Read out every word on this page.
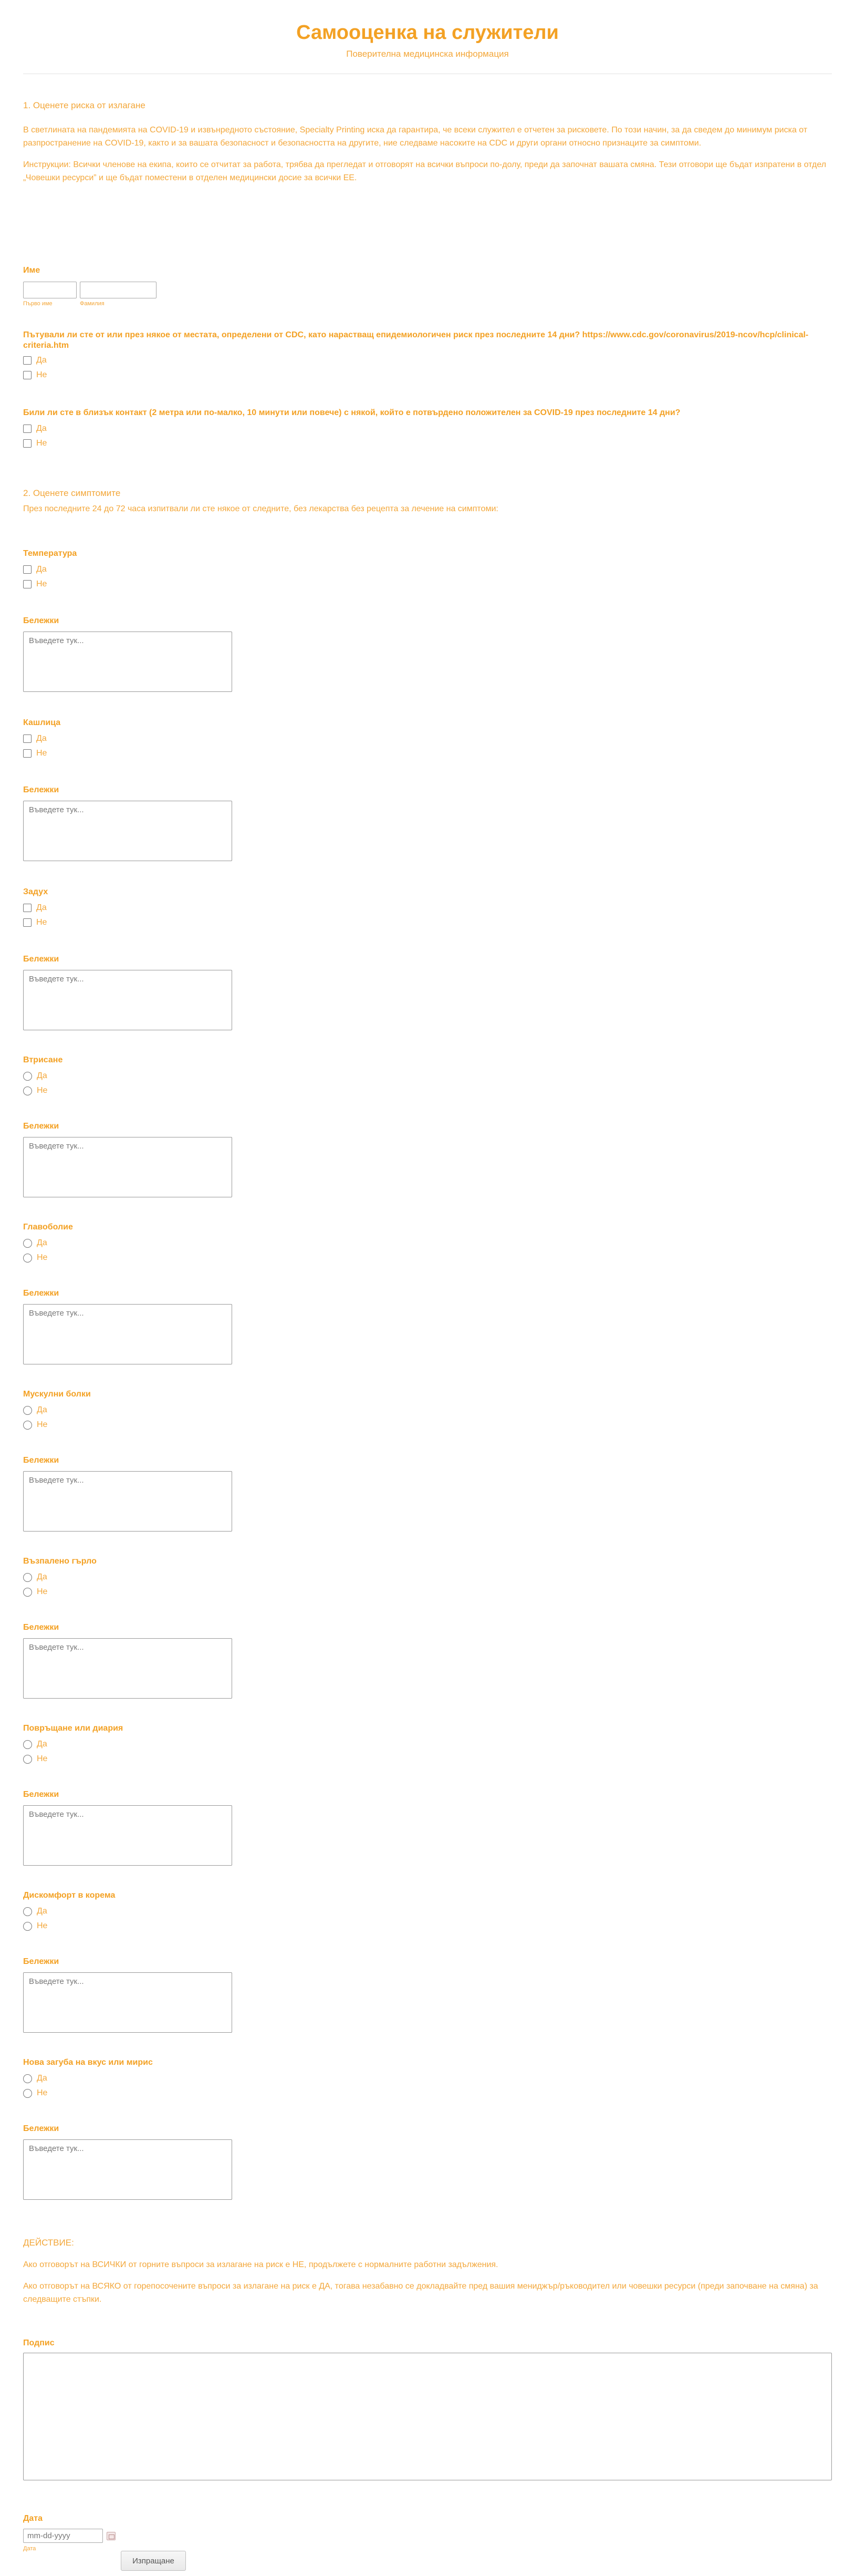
Самооценка на служители
Поверителна медицинска информация
1. Оценете риска от излагане
В светлината на пандемията на COVID-19 и извънредното състояние, Specialty Printing иска да гарантира, че всеки служител е отчетен за рисковете. По този начин, за да сведем до минимум риска от разпространение на COVID-19, както и за вашата безопасност и безопасността на другите, ние следваме насоките на CDC и други органи относно признаците за симптоми.
Инструкции: Всички членове на екипа, които се отчитат за работа, трябва да прегледат и отговорят на всички въпроси по-долу, преди да започнат вашата смяна. Тези отговори ще бъдат изпратени в отдел „Човешки ресурси” и ще бъдат поместени в отделен медицински досие за всички ЕЕ.
Име
Първо име	Фамилия
Пътували ли сте от или през някое от местата, определени от CDC, като нарастващ епидемиологичен риск през последните 14 дни? https://www.cdc.gov/coronavirus/2019-ncov/hcp/clinical-criteria.htm
Да
Не
Били ли сте в близък контакт (2 метра или по-малко, 10 минути или повече) с някой, който е потвърдено положителен за COVID-19 през последните 14 дни?
Да
Не
2. Оценете симптомите
През последните 24 до 72 часа изпитвали ли сте някое от следните, без лекарства без рецепта за лечение на симптоми:
Температура
Да
Не
Бележки
Въведете тук...
Кашлица
Да
Не
Бележки
Въведете тук...
Задух
Да
Не
Бележки
Въведете тук...
Втрисане
Да
Не
Бележки
Въведете тук...
Главоболие
Да
Не
Бележки
Въведете тук...
Мускулни болки
Да
Не
Бележки
Въведете тук...
Възпалено гърло
Да
Не
Бележки
Въведете тук...
Повръщане или диария
Да
Не
Бележки
Въведете тук...
Дискомфорт в корема
Да
Не
Бележки
Въведете тук...
Нова загуба на вкус или мирис
Да
Не
Бележки
Въведете тук...
ДЕЙСТВИЕ:
Ако отговорът на ВСИЧКИ от горните въпроси за излагане на риск е НЕ, продължете с нормалните работни задължения.
Ако отговорът на ВСЯКО от горепосочените въпроси за излагане на риск е ДА, тогава незабавно се докладвайте пред вашия мениджър/ръководител или човешки ресурси (преди започване на смяна) за следващите стъпки.
Подпис
Дата
mm-dd-yyyy
Дата
Изпращане
